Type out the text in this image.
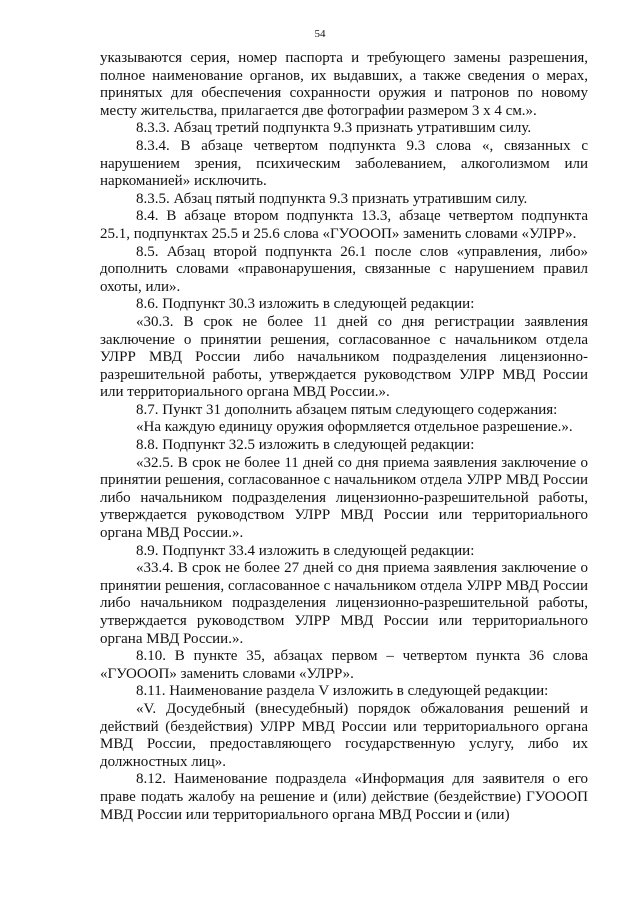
54

указываются серия, номер паспорта и требующего замены разрешения, полное наименование органов, их выдавших, а также сведения о мерах, принятых для обеспечения сохранности оружия и патронов по новому месту жительства, прилагается две фотографии размером 3 x 4 см.».

8.3.3. Абзац третий подпункта 9.3 признать утратившим силу.

8.3.4. В абзаце четвертом подпункта 9.3 слова «, связанных с нарушением зрения, психическим заболеванием, алкоголизмом или наркоманией» исключить.

8.3.5. Абзац пятый подпункта 9.3 признать утратившим силу.

8.4. В абзаце втором подпункта 13.3, абзаце четвертом подпункта 25.1, подпунктах 25.5 и 25.6 слова «ГУОООП» заменить словами «УЛРР».

8.5. Абзац второй подпункта 26.1 после слов «управления, либо» дополнить словами «правонарушения, связанные с нарушением правил охоты, или».

8.6. Подпункт 30.3 изложить в следующей редакции:

«30.3. В срок не более 11 дней со дня регистрации заявления заключение о принятии решения, согласованное с начальником отдела УЛРР МВД России либо начальником подразделения лицензионно-разрешительной работы, утверждается руководством УЛРР МВД России или территориального органа МВД России.».

8.7. Пункт 31 дополнить абзацем пятым следующего содержания:

«На каждую единицу оружия оформляется отдельное разрешение.».

8.8. Подпункт 32.5 изложить в следующей редакции:

«32.5. В срок не более 11 дней со дня приема заявления заключение о принятии решения, согласованное с начальником отдела УЛРР МВД России либо начальником подразделения лицензионно-разрешительной работы, утверждается руководством УЛРР МВД России или территориального органа МВД России.».

8.9. Подпункт 33.4 изложить в следующей редакции:

«33.4. В срок не более 27 дней со дня приема заявления заключение о принятии решения, согласованное с начальником отдела УЛРР МВД России либо начальником подразделения лицензионно-разрешительной работы, утверждается руководством УЛРР МВД России или территориального органа МВД России.».

8.10. В пункте 35, абзацах первом – четвертом пункта 36 слова «ГУОООП» заменить словами «УЛРР».

8.11. Наименование раздела V изложить в следующей редакции:

«V. Досудебный (внесудебный) порядок обжалования решений и действий (бездействия) УЛРР МВД России или территориального органа МВД России, предоставляющего государственную услугу, либо их должностных лиц».

8.12. Наименование подраздела «Информация для заявителя о его праве подать жалобу на решение и (или) действие (бездействие) ГУОООП МВД России или территориального органа МВД России и (или)
